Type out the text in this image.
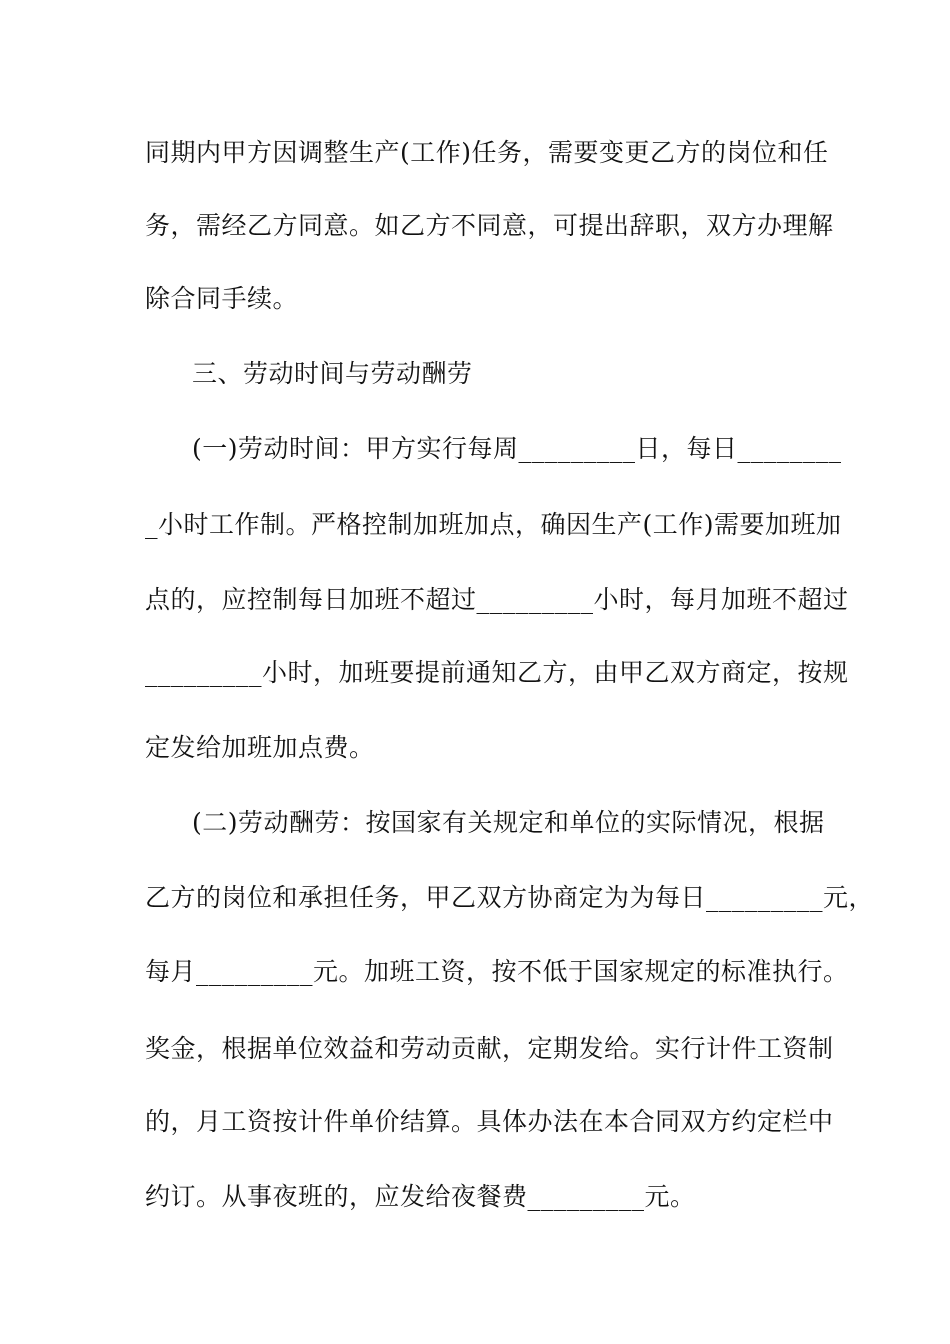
同期内甲方因调整生产(工作)任务，需要变更乙方的岗位和任
务，需经乙方同意。如乙方不同意，可提出辞职，双方办理解
除合同手续。
三、劳动时间与劳动酬劳
(一)劳动时间：甲方实行每周_________日，每日________
_小时工作制。严格控制加班加点，确因生产(工作)需要加班加
点的，应控制每日加班不超过_________小时，每月加班不超过
_________小时，加班要提前通知乙方，由甲乙双方商定，按规
定发给加班加点费。
(二)劳动酬劳：按国家有关规定和单位的实际情况，根据
乙方的岗位和承担任务，甲乙双方协商定为为每日_________元，
每月_________元。加班工资，按不低于国家规定的标准执行。
奖金，根据单位效益和劳动贡献，定期发给。实行计件工资制
的，月工资按计件单价结算。具体办法在本合同双方约定栏中
约订。从事夜班的，应发给夜餐费_________元。
